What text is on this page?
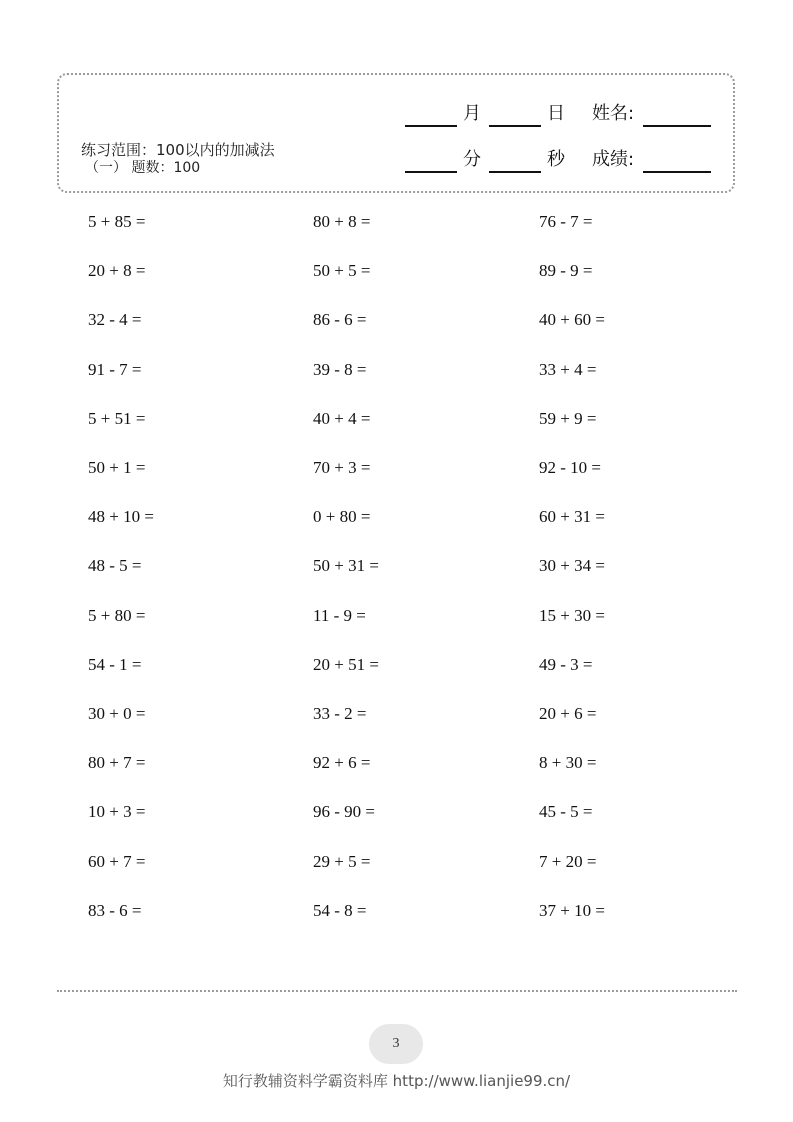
练习范围：100以内的加减法
（一） 题数：100
月	日 姓名:
分	秒 成绩:
5 + 85 =
20 + 8 =
32 - 4 =
91 - 7 =
5 + 51 =
50 + 1 =
48 + 10 =
48 - 5 =
5 + 80 =
54 - 1 =
30 + 0 =
80 + 7 =
10 + 3 =
60 + 7 =
83 - 6 =
80 + 8 =
50 + 5 =
86 - 6 =
39 - 8 =
40 + 4 =
70 + 3 =
0 + 80 =
50 + 31 =
11 - 9 =
20 + 51 =
33 - 2 =
92 + 6 =
96 - 90 =
29 + 5 =
54 - 8 =
76 - 7 =
89 - 9 =
40 + 60 =
33 + 4 =
59 + 9 =
92 - 10 =
60 + 31 =
30 + 34 =
15 + 30 =
49 - 3 =
20 + 6 =
8 + 30 =
45 - 5 =
7 + 20 =
37 + 10 =
3
知行教辅资料学霸资料库 http://www.lianjie99.cn/
